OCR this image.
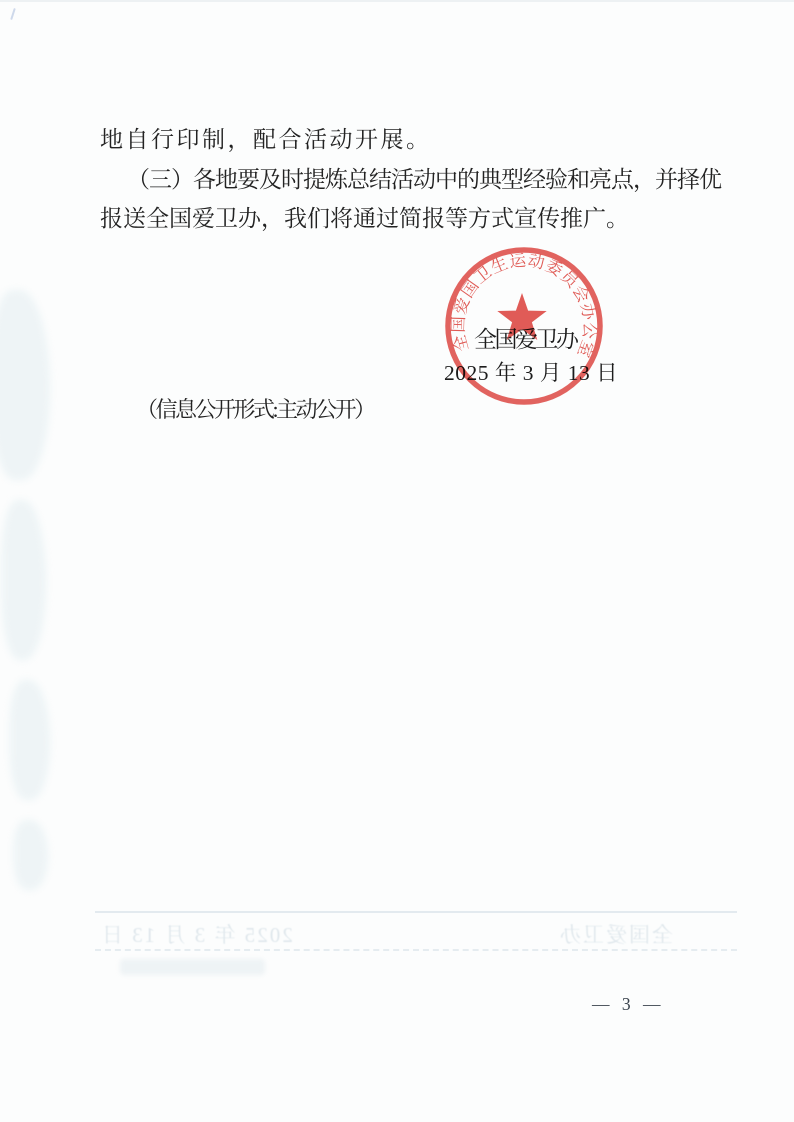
地自行印制，配合活动开展。
（三）各地要及时提炼总结活动中的典型经验和亮点，并择优
报送全国爱卫办，我们将通过简报等方式宣传推广。
全国爱卫办
2025 年 3 月 13 日
全国爱国卫生运动委员会办公室
（信息公开形式:主动公开）
2025 年 3 月 13 日	全国爱卫办
— 3 —
